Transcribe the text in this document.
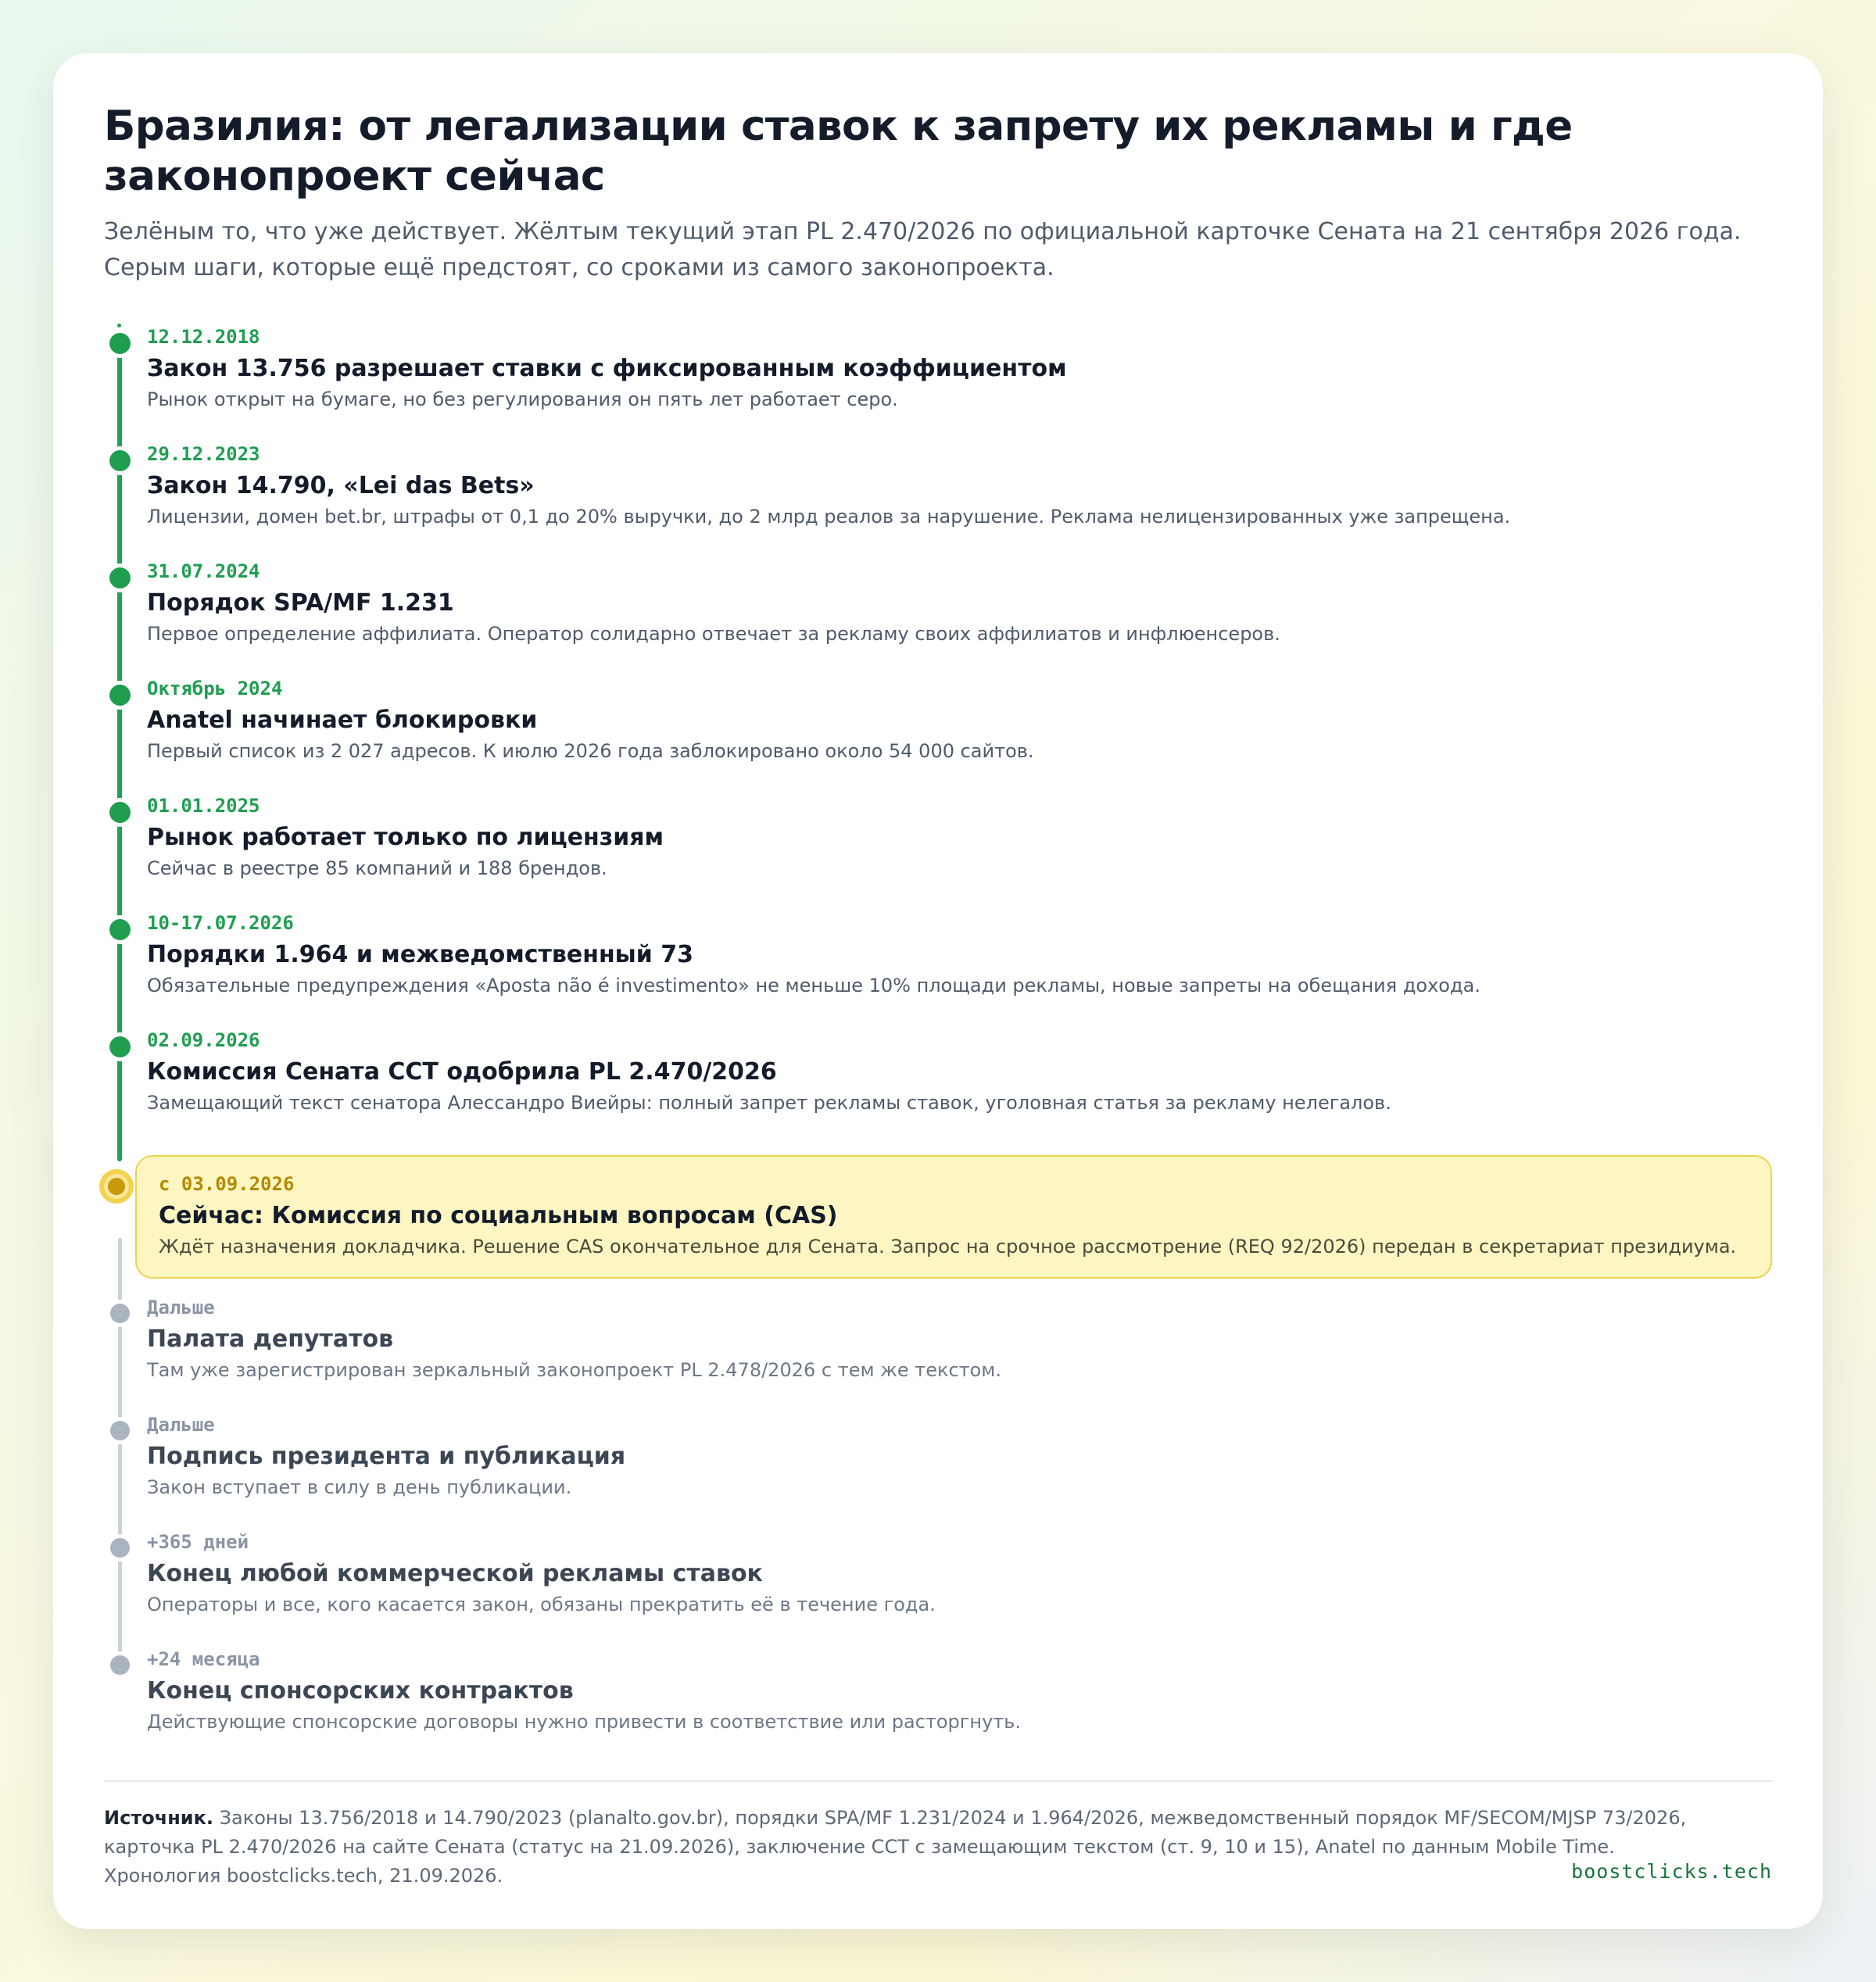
Бразилия: от легализации ставок к запрету их рекламы и где законопроект сейчас

Зелёным то, что уже действует. Жёлтым текущий этап PL 2.470/2026 по официальной карточке Сената на 21 сентября 2026 года. Серым шаги, которые ещё предстоят, со сроками из самого законопроекта.

12.12.2018
Закон 13.756 разрешает ставки с фиксированным коэффициентом
Рынок открыт на бумаге, но без регулирования он пять лет работает серо.
29.12.2023
Закон 14.790, «Lei das Bets»
Лицензии, домен bet.br, штрафы от 0,1 до 20% выручки, до 2 млрд реалов за нарушение. Реклама нелицензированных уже запрещена.
31.07.2024
Порядок SPA/MF 1.231
Первое определение аффилиата. Оператор солидарно отвечает за рекламу своих аффилиатов и инфлюенсеров.
Октябрь 2024
Anatel начинает блокировки
Первый список из 2 027 адресов. К июлю 2026 года заблокировано около 54 000 сайтов.
01.01.2025
Рынок работает только по лицензиям
Сейчас в реестре 85 компаний и 188 брендов.
10-17.07.2026
Порядки 1.964 и межведомственный 73
Обязательные предупреждения «Aposta não é investimento» не меньше 10% площади рекламы, новые запреты на обещания дохода.
02.09.2026
Комиссия Сената CCT одобрила PL 2.470/2026
Замещающий текст сенатора Алессандро Виейры: полный запрет рекламы ставок, уголовная статья за рекламу нелегалов.
с 03.09.2026
Сейчас: Комиссия по социальным вопросам (CAS)
Ждёт назначения докладчика. Решение CAS окончательное для Сената. Запрос на срочное рассмотрение (REQ 92/2026) передан в секретариат президиума.
Дальше
Палата депутатов
Там уже зарегистрирован зеркальный законопроект PL 2.478/2026 с тем же текстом.
Дальше
Подпись президента и публикация
Закон вступает в силу в день публикации.
+365 дней
Конец любой коммерческой рекламы ставок
Операторы и все, кого касается закон, обязаны прекратить её в течение года.
+24 месяца
Конец спонсорских контрактов
Действующие спонсорские договоры нужно привести в соответствие или расторгнуть.
Источник. Законы 13.756/2018 и 14.790/2023 (planalto.gov.br), порядки SPA/MF 1.231/2024 и 1.964/2026, межведомственный порядок MF/SECOM/MJSP 73/2026, карточка PL 2.470/2026 на сайте Сената (статус на 21.09.2026), заключение CCT с замещающим текстом (ст. 9, 10 и 15), Anatel по данным Mobile Time. Хронология boostclicks.tech, 21.09.2026.	boostclicks.tech
